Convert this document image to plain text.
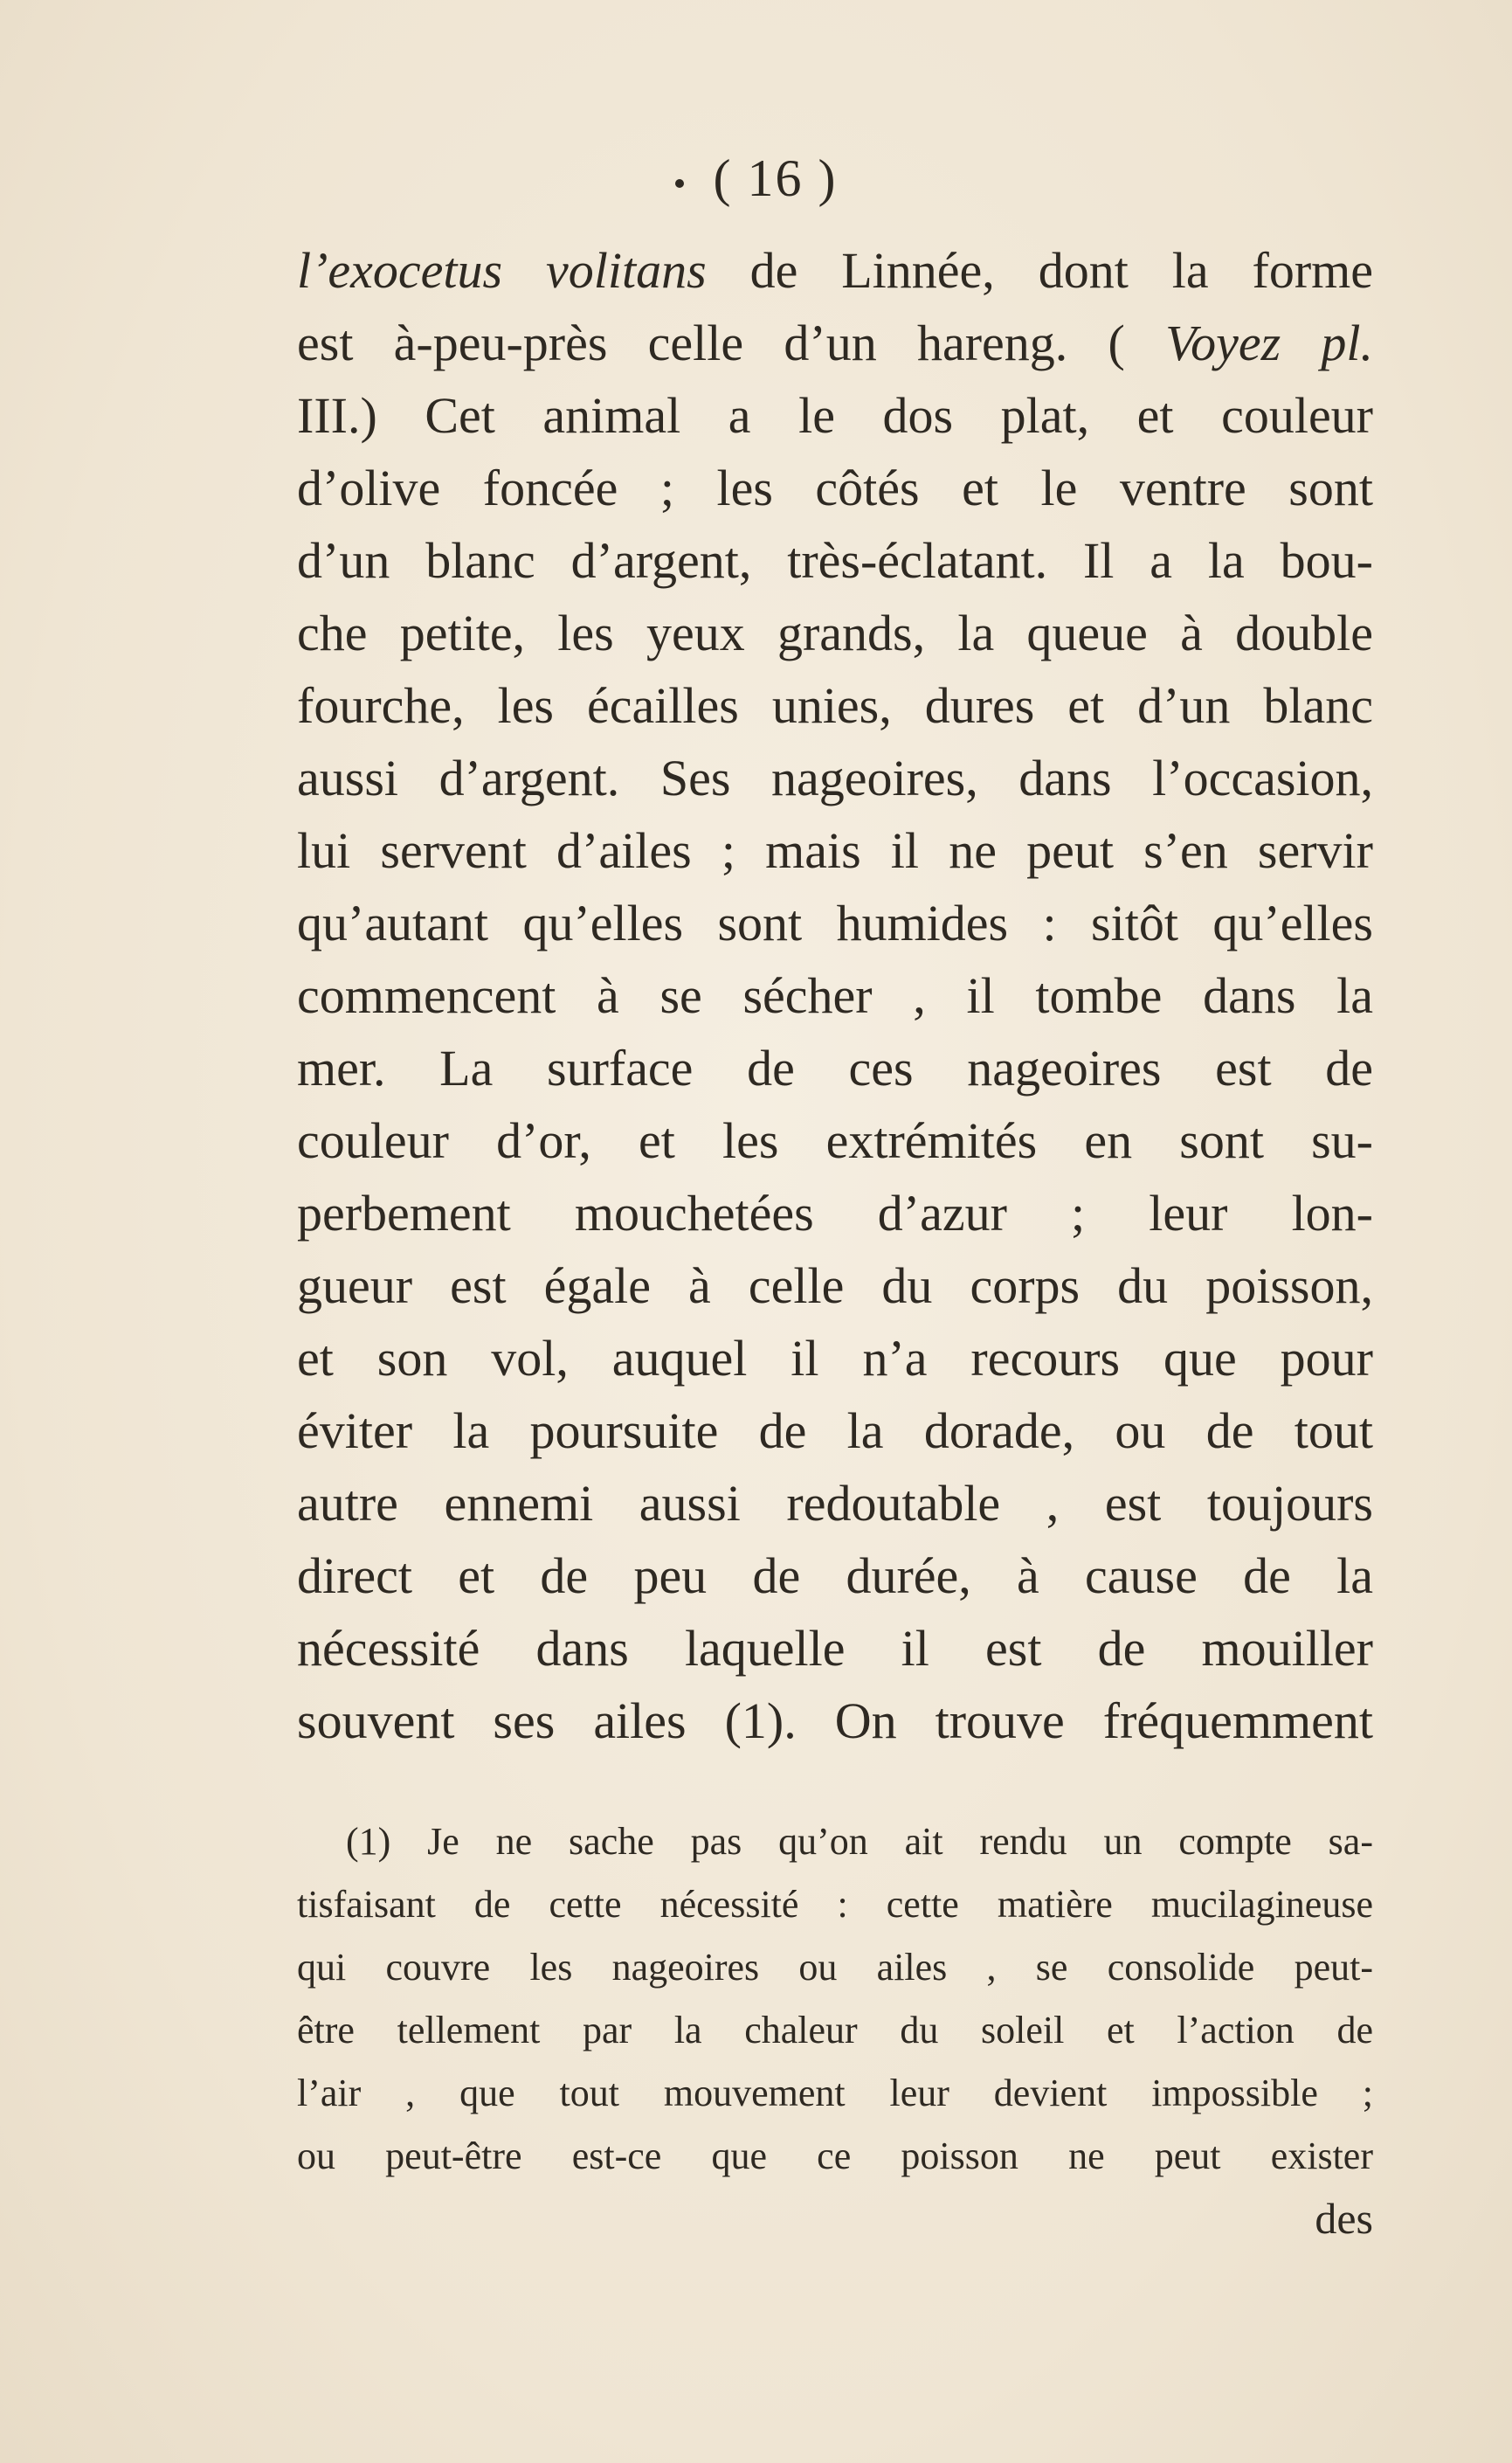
( 16 )
l’exocetus volitans de Linnée, dont la forme
est à-peu-près celle d’un hareng. ( Voyez pl.
III.) Cet animal a le dos plat, et couleur
d’olive foncée ; les côtés et le ventre sont
d’un blanc d’argent, très-éclatant. Il a la bou-
che petite, les yeux grands, la queue à double
fourche, les écailles unies, dures et d’un blanc
aussi d’argent. Ses nageoires, dans l’occasion,
lui servent d’ailes ; mais il ne peut s’en servir
qu’autant qu’elles sont humides : sitôt qu’elles
commencent à se sécher , il tombe dans la
mer. La surface de ces nageoires est de
couleur d’or, et les extrémités en sont su-
perbement mouchetées d’azur ; leur lon-
gueur est égale à celle du corps du poisson,
et son vol, auquel il n’a recours que pour
éviter la poursuite de la dorade, ou de tout
autre ennemi aussi redoutable , est toujours
direct et de peu de durée, à cause de la
nécessité dans laquelle il est de mouiller
souvent ses ailes (1). On trouve fréquemment
(1) Je ne sache pas qu’on ait rendu un compte sa-
tisfaisant de cette nécessité : cette matière mucilagineuse
qui couvre les nageoires ou ailes , se consolide peut-
être tellement par la chaleur du soleil et l’action de
l’air , que tout mouvement leur devient impossible ;
ou peut-être est-ce que ce poisson ne peut exister
des
